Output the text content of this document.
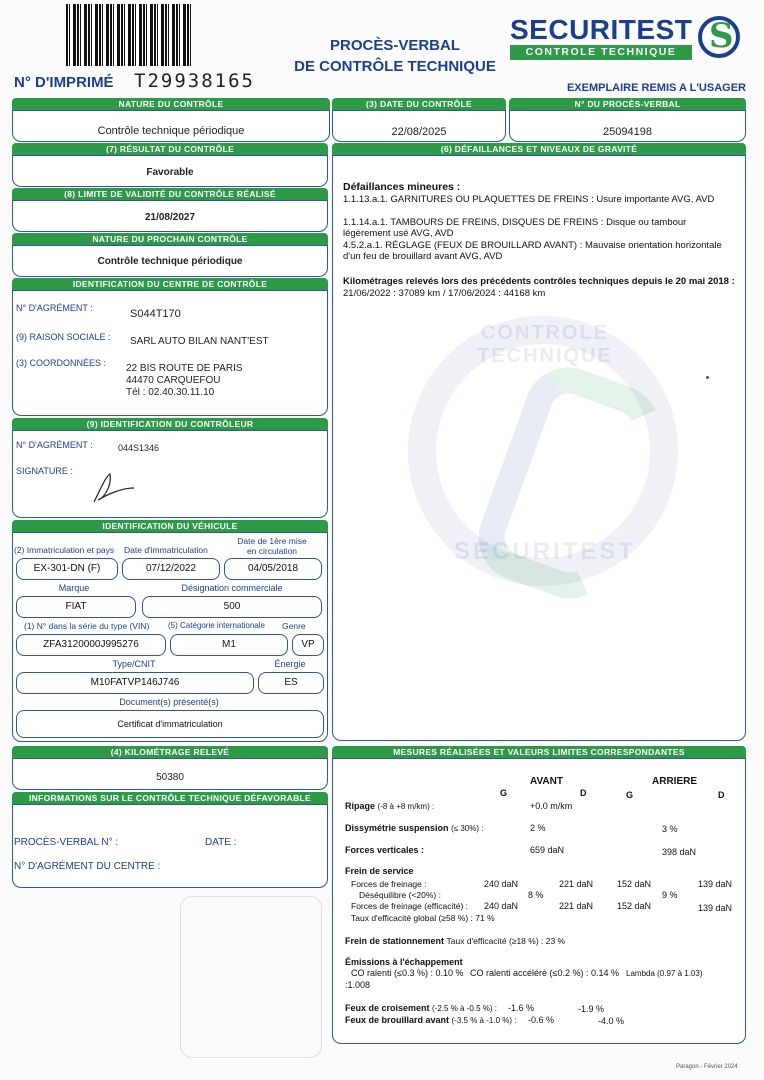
N° D'IMPRIMÉ T29938165
PROCÈS-VERBAL
DE CONTRÔLE TECHNIQUE
SECURITEST
CONTROLE TECHNIQUE S
EXEMPLAIRE REMIS A L'USAGER
NATURE DU CONTRÔLE
Contrôle technique périodique
(3) DATE DU CONTRÔLE
22/08/2025
N° DU PROCÈS-VERBAL
25094198
(7) RÉSULTAT DU CONTRÔLE
Favorable
(8) LIMITE DE VALIDITÉ DU CONTRÔLE RÉALISÉ
21/08/2027
NATURE DU PROCHAIN CONTRÔLE
Contrôle technique périodique
IDENTIFICATION DU CENTRE DE CONTRÔLE
N° D'AGRÉMENT :	S044T170
(9) RAISON SOCIALE : SARL AUTO BILAN NANT'EST
(3) COORDONNÉES : 22 BIS ROUTE DE PARIS
44470 CARQUEFOU
Tél : 02.40.30.11.10
(9) IDENTIFICATION DU CONTRÔLEUR
N° D'AGRÉMENT :	044S1346
SIGNATURE :
IDENTIFICATION DU VÉHICULE
(2) Immatriculation et pays Date d'immatriculation
Date de 1ère mise en circulation
EX-301-DN (F)	07/12/2022	04/05/2018
Marque	Désignation commerciale
FIAT	500
(1) N° dans la série du type (VIN) (5) Catégorie internationale Genre
ZFA3120000J995276	M1	VP
Type/CNIT	Énergie
M10FATVP146J746	ES
Document(s) présenté(s)
Certificat d'immatriculation
(4) KILOMÉTRAGE RELEVÉ
50380
INFORMATIONS SUR LE CONTRÔLE TECHNIQUE DÉFAVORABLE
PROCÈS-VERBAL N° :	DATE :
N° D'AGRÉMENT DU CENTRE :
(6) DÉFAILLANCES ET NIVEAUX DE GRAVITÉ
CONTROLE TECHNIQUE
SECURITEST
Défaillances mineures :
1.1.13.a.1. GARNITURES OU PLAQUETTES DE FREINS : Usure importante AVG, AVD
1.1.14.a.1. TAMBOURS DE FREINS, DISQUES DE FREINS : Disque ou tambour légèrement usé AVG, AVD
4.5.2.a.1. RÉGLAGE (FEUX DE BROUILLARD AVANT) : Mauvaise orientation horizontale d'un feu de brouillard avant AVG, AVD
Kilométrages relevés lors des précédents contrôles techniques depuis le 20 mai 2018 : 21/06/2022 : 37089 km / 17/06/2024 : 44168 km
MESURES RÉALISÉES ET VALEURS LIMITES CORRESPONDANTES
AVANT	ARRIERE
G	D	G	D
Ripage (-8 à +8 m/km) :	+0.0 m/km
Dissymétrie suspension (≤ 30%) :	2 %	3 %
Forces verticales :	659 daN	398 daN
Frein de service
Forces de freinage :	240 daN	221 daN	152 daN	139 daN
Déséquilibre (<20%) :	8 %	9 %
Forces de freinage (efficacité) : 240 daN	221 daN	152 daN	139 daN
Taux d'efficacité global (≥58 %) : 71 %
Frein de stationnement Taux d'efficacité (≥18 %) : 23 %
Émissions à l'échappement
CO ralenti (≤0.3 %) : 0.10 % CO ralenti accéléré (≤0.2 %) : 0.14 % Lambda (0.97 à 1.03)
:1.008
Feux de croisement (-2.5 % à -0.5 %) : -1.6 %	-1.9 %
Feux de brouillard avant (-3.5 % à -1.0 %) : -0.6 %	-4.0 %
Paragon - Février 2024
